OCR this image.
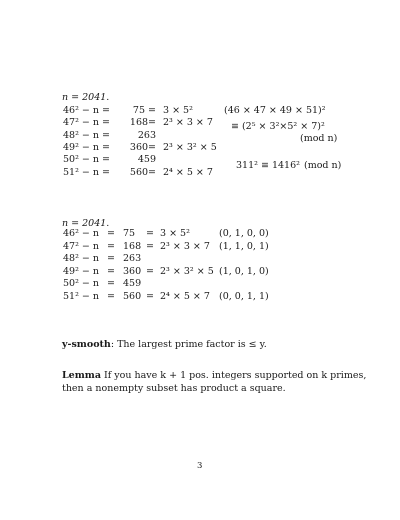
n = 2041.
46² − n =	75 = 3 × 5²
47² − n =	168= 2³ × 3 × 7
48² − n =	263
49² − n =	360= 2³ × 3² × 5
50² − n =	459
51² − n =	560= 2⁴ × 5 × 7
(46 × 47 × 49 × 51)²
≡ (2⁵ × 3²×5² × 7)²
(mod n)
311² ≡ 1416² (mod n)
n = 2041.
46² − n = 75 = 3 × 5²	(0, 1, 0, 0)
47² − n = 168 = 2³ × 3 × 7 (1, 1, 0, 1)
48² − n = 263
49² − n = 360 = 2³ × 3² × 5 (1, 0, 1, 0)
50² − n = 459
51² − n = 560 = 2⁴ × 5 × 7 (0, 0, 1, 1)
y-smooth: The largest prime factor is ≤ y.
Lemma If you have k + 1 pos. integers supported on k primes,
then a nonempty subset has product a square.
3
